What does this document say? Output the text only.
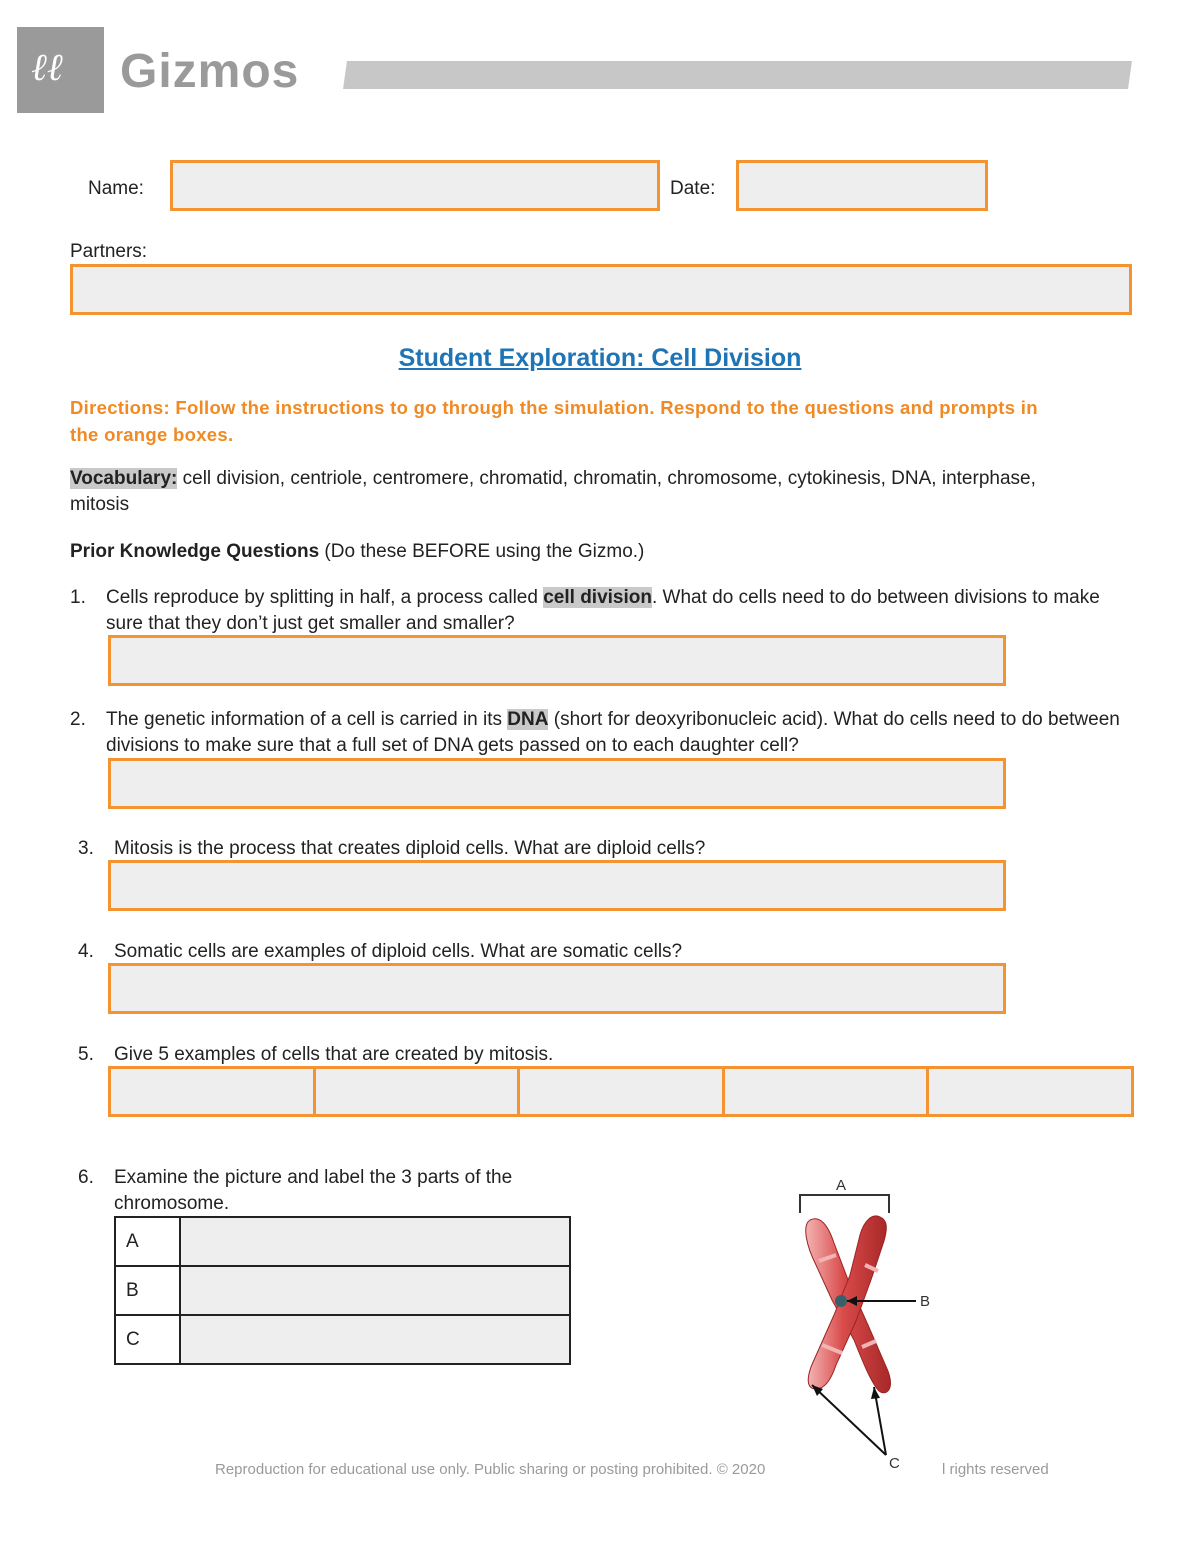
ℓℓ Gizmos
Name:	Date:
Partners:
Student Exploration: Cell Division
Directions: Follow the instructions to go through the simulation. Respond to the questions and prompts in the orange boxes.
Vocabulary: cell division, centriole, centromere, chromatid, chromatin, chromosome, cytokinesis, DNA, interphase, mitosis
Prior Knowledge Questions (Do these BEFORE using the Gizmo.)
1. Cells reproduce by splitting in half, a process called cell division. What do cells need to do between divisions to make sure that they don’t just get smaller and smaller?
2. The genetic information of a cell is carried in its DNA (short for deoxyribonucleic acid). What do cells need to do between divisions to make sure that a full set of DNA gets passed on to each daughter cell?
3. Mitosis is the process that creates diploid cells. What are diploid cells?
4. Somatic cells are examples of diploid cells. What are somatic cells?
5. Give 5 examples of cells that are created by mitosis.
6. Examine the picture and label the 3 parts of the chromosome.
A	
B	
C	
A
B
C
Reproduction for educational use only. Public sharing or posting prohibited. © 2020	l rights reserved
